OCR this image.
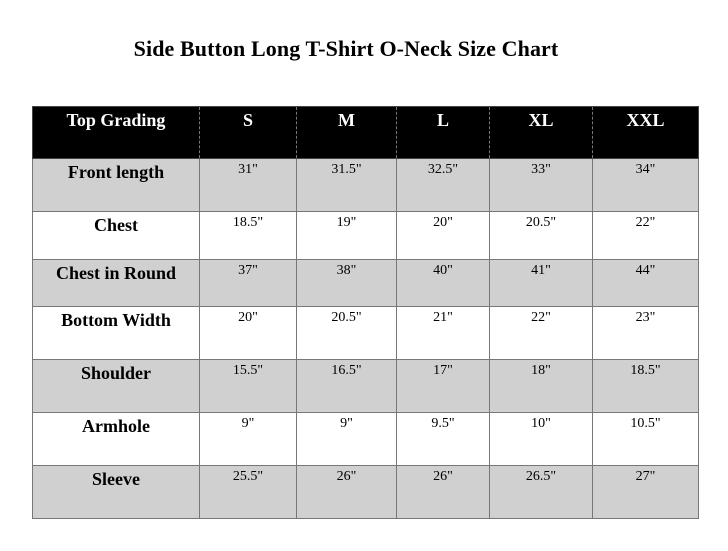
Side Button Long T-Shirt O-Neck Size Chart
Top Grading	S	M	L	XL	XXL
Front length	31"	31.5"	32.5"	33"	34"
Chest	18.5"	19"	20"	20.5"	22"
Chest in Round	37"	38"	40"	41"	44"
Bottom Width	20"	20.5"	21"	22"	23"
Shoulder	15.5"	16.5"	17"	18"	18.5"
Armhole	9"	9"	9.5"	10"	10.5"
Sleeve	25.5"	26"	26"	26.5"	27"
